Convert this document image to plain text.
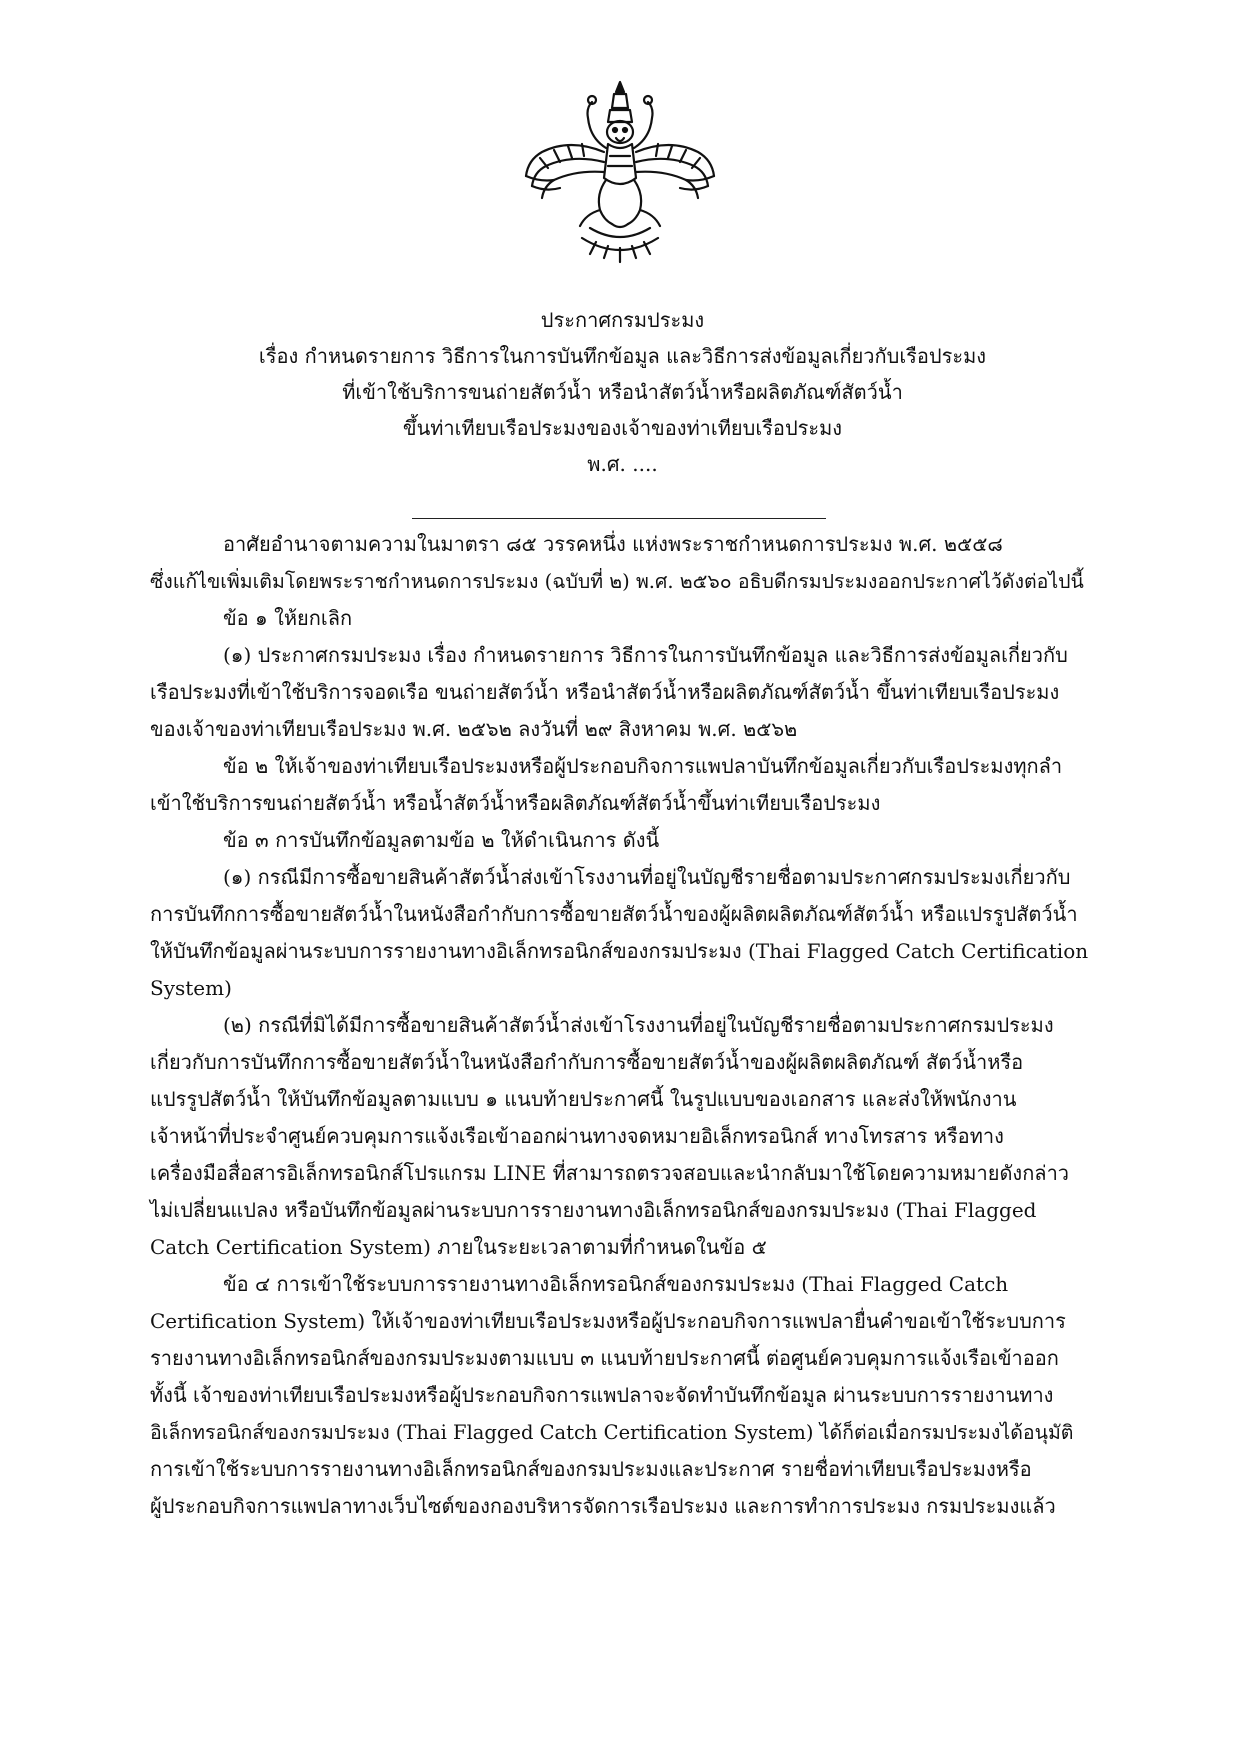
ประกาศกรมประมง
เรื่อง กำหนดรายการ วิธีการในการบันทึกข้อมูล และวิธีการส่งข้อมูลเกี่ยวกับเรือประมง
ที่เข้าใช้บริการขนถ่ายสัตว์น้ำ หรือนำสัตว์น้ำหรือผลิตภัณฑ์สัตว์น้ำ
ขึ้นท่าเทียบเรือประมงของเจ้าของท่าเทียบเรือประมง
พ.ศ. ....

อาศัยอำนาจตามความในมาตรา ๘๕ วรรคหนึ่ง แห่งพระราชกำหนดการประมง พ.ศ. ๒๕๕๘
ซึ่งแก้ไขเพิ่มเติมโดยพระราชกำหนดการประมง (ฉบับที่ ๒) พ.ศ. ๒๕๖๐ อธิบดีกรมประมงออกประกาศไว้ดังต่อไปนี้

ข้อ ๑ ให้ยกเลิก

(๑) ประกาศกรมประมง เรื่อง กำหนดรายการ วิธีการในการบันทึกข้อมูล และวิธีการส่งข้อมูลเกี่ยวกับ
เรือประมงที่เข้าใช้บริการจอดเรือ ขนถ่ายสัตว์น้ำ หรือนำสัตว์น้ำหรือผลิตภัณฑ์สัตว์น้ำ ขึ้นท่าเทียบเรือประมง
ของเจ้าของท่าเทียบเรือประมง พ.ศ. ๒๕๖๒ ลงวันที่ ๒๙ สิงหาคม พ.ศ. ๒๕๖๒

ข้อ ๒ ให้เจ้าของท่าเทียบเรือประมงหรือผู้ประกอบกิจการแพปลาบันทึกข้อมูลเกี่ยวกับเรือประมงทุกลำ
เข้าใช้บริการขนถ่ายสัตว์น้ำ หรือน้ำสัตว์น้ำหรือผลิตภัณฑ์สัตว์น้ำขึ้นท่าเทียบเรือประมง

ข้อ ๓ การบันทึกข้อมูลตามข้อ ๒ ให้ดำเนินการ ดังนี้

(๑) กรณีมีการซื้อขายสินค้าสัตว์น้ำส่งเข้าโรงงานที่อยู่ในบัญชีรายชื่อตามประกาศกรมประมงเกี่ยวกับ
การบันทึกการซื้อขายสัตว์น้ำในหนังสือกำกับการซื้อขายสัตว์น้ำของผู้ผลิตผลิตภัณฑ์สัตว์น้ำ หรือแปรรูปสัตว์น้ำ
ให้บันทึกข้อมูลผ่านระบบการรายงานทางอิเล็กทรอนิกส์ของกรมประมง (Thai Flagged Catch Certification
System)

(๒) กรณีที่มิได้มีการซื้อขายสินค้าสัตว์น้ำส่งเข้าโรงงานที่อยู่ในบัญชีรายชื่อตามประกาศกรมประมง
เกี่ยวกับการบันทึกการซื้อขายสัตว์น้ำในหนังสือกำกับการซื้อขายสัตว์น้ำของผู้ผลิตผลิตภัณฑ์ สัตว์น้ำหรือ
แปรรูปสัตว์น้ำ ให้บันทึกข้อมูลตามแบบ ๑ แนบท้ายประกาศนี้ ในรูปแบบของเอกสาร และส่งให้พนักงาน
เจ้าหน้าที่ประจำศูนย์ควบคุมการแจ้งเรือเข้าออกผ่านทางจดหมายอิเล็กทรอนิกส์ ทางโทรสาร หรือทาง
เครื่องมือสื่อสารอิเล็กทรอนิกส์โปรแกรม LINE ที่สามารถตรวจสอบและนำกลับมาใช้โดยความหมายดังกล่าว
ไม่เปลี่ยนแปลง หรือบันทึกข้อมูลผ่านระบบการรายงานทางอิเล็กทรอนิกส์ของกรมประมง (Thai Flagged
Catch Certification System) ภายในระยะเวลาตามที่กำหนดในข้อ ๕

ข้อ ๔ การเข้าใช้ระบบการรายงานทางอิเล็กทรอนิกส์ของกรมประมง (Thai Flagged Catch
Certification System) ให้เจ้าของท่าเทียบเรือประมงหรือผู้ประกอบกิจการแพปลายื่นคำขอเข้าใช้ระบบการ
รายงานทางอิเล็กทรอนิกส์ของกรมประมงตามแบบ ๓ แนบท้ายประกาศนี้ ต่อศูนย์ควบคุมการแจ้งเรือเข้าออก
ทั้งนี้ เจ้าของท่าเทียบเรือประมงหรือผู้ประกอบกิจการแพปลาจะจัดทำบันทึกข้อมูล ผ่านระบบการรายงานทาง
อิเล็กทรอนิกส์ของกรมประมง (Thai Flagged Catch Certification System) ได้ก็ต่อเมื่อกรมประมงได้อนุมัติ
การเข้าใช้ระบบการรายงานทางอิเล็กทรอนิกส์ของกรมประมงและประกาศ รายชื่อท่าเทียบเรือประมงหรือ
ผู้ประกอบกิจการแพปลาทางเว็บไซต์ของกองบริหารจัดการเรือประมง และการทำการประมง กรมประมงแล้ว
